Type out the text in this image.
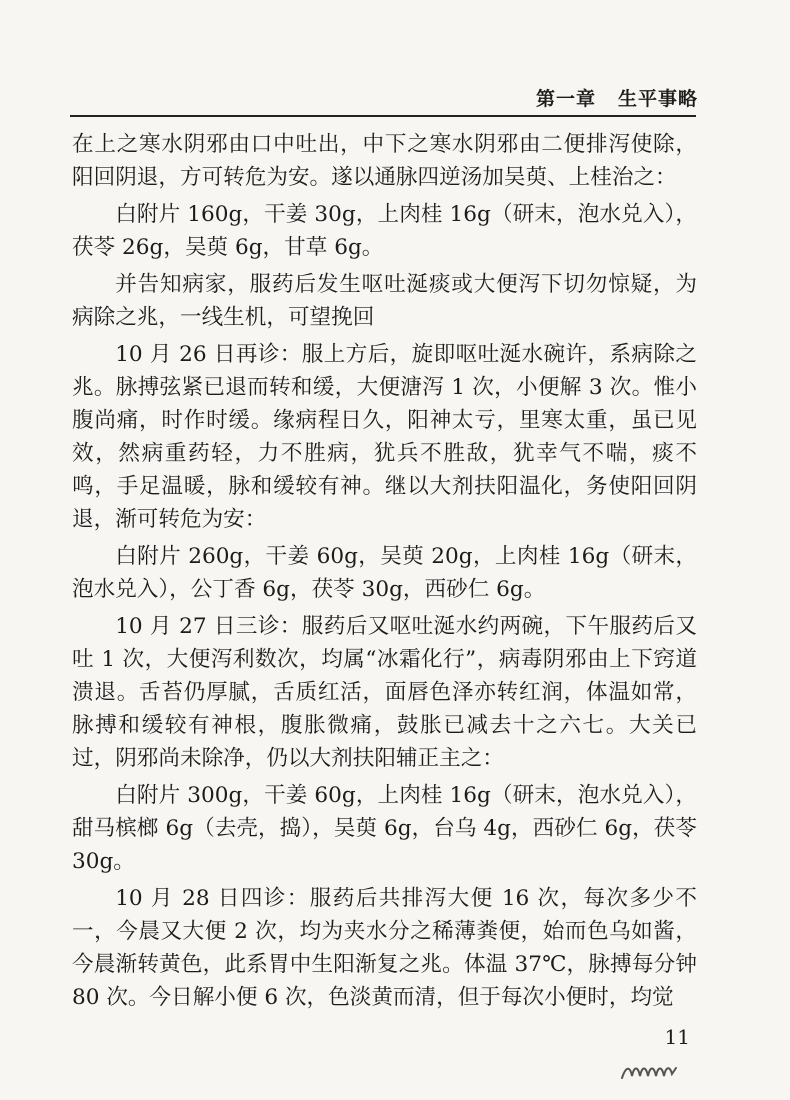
第一章 生平事略

在上之寒水阴邪由口中吐出，中下之寒水阴邪由二便排泻使除，阳回阴退，方可转危为安。遂以通脉四逆汤加吴萸、上桂治之：

白附片 160g，干姜 30g，上肉桂 16g（研末，泡水兑入），茯苓 26g，吴萸 6g，甘草 6g。

并告知病家，服药后发生呕吐涎痰或大便泻下切勿惊疑，为病除之兆，一线生机，可望挽回

10 月 26 日再诊：服上方后，旋即呕吐涎水碗许，系病除之兆。脉搏弦紧已退而转和缓，大便溏泻 1 次，小便解 3 次。惟小腹尚痛，时作时缓。缘病程日久，阳神太亏，里寒太重，虽已见效，然病重药轻，力不胜病，犹兵不胜敌，犹幸气不喘，痰不鸣，手足温暖，脉和缓较有神。继以大剂扶阳温化，务使阳回阴退，渐可转危为安：

白附片 260g，干姜 60g，吴萸 20g，上肉桂 16g（研末，泡水兑入），公丁香 6g，茯苓 30g，西砂仁 6g。

10 月 27 日三诊：服药后又呕吐涎水约两碗，下午服药后又吐 1 次，大便泻利数次，均属“冰霜化行”，病毒阴邪由上下窍道溃退。舌苔仍厚腻，舌质红活，面唇色泽亦转红润，体温如常，脉搏和缓较有神根，腹胀微痛，鼓胀已减去十之六七。大关已过，阴邪尚未除净，仍以大剂扶阳辅正主之：

白附片 300g，干姜 60g，上肉桂 16g（研末，泡水兑入），甜马槟榔 6g（去壳，捣），吴萸 6g，台乌 4g，西砂仁 6g，茯苓 30g。

10 月 28 日四诊：服药后共排泻大便 16 次，每次多少不一，今晨又大便 2 次，均为夹水分之稀薄粪便，始而色乌如酱，今晨渐转黄色，此系胃中生阳渐复之兆。体温 37℃，脉搏每分钟 80 次。今日解小便 6 次，色淡黄而清，但于每次小便时，均觉

11
